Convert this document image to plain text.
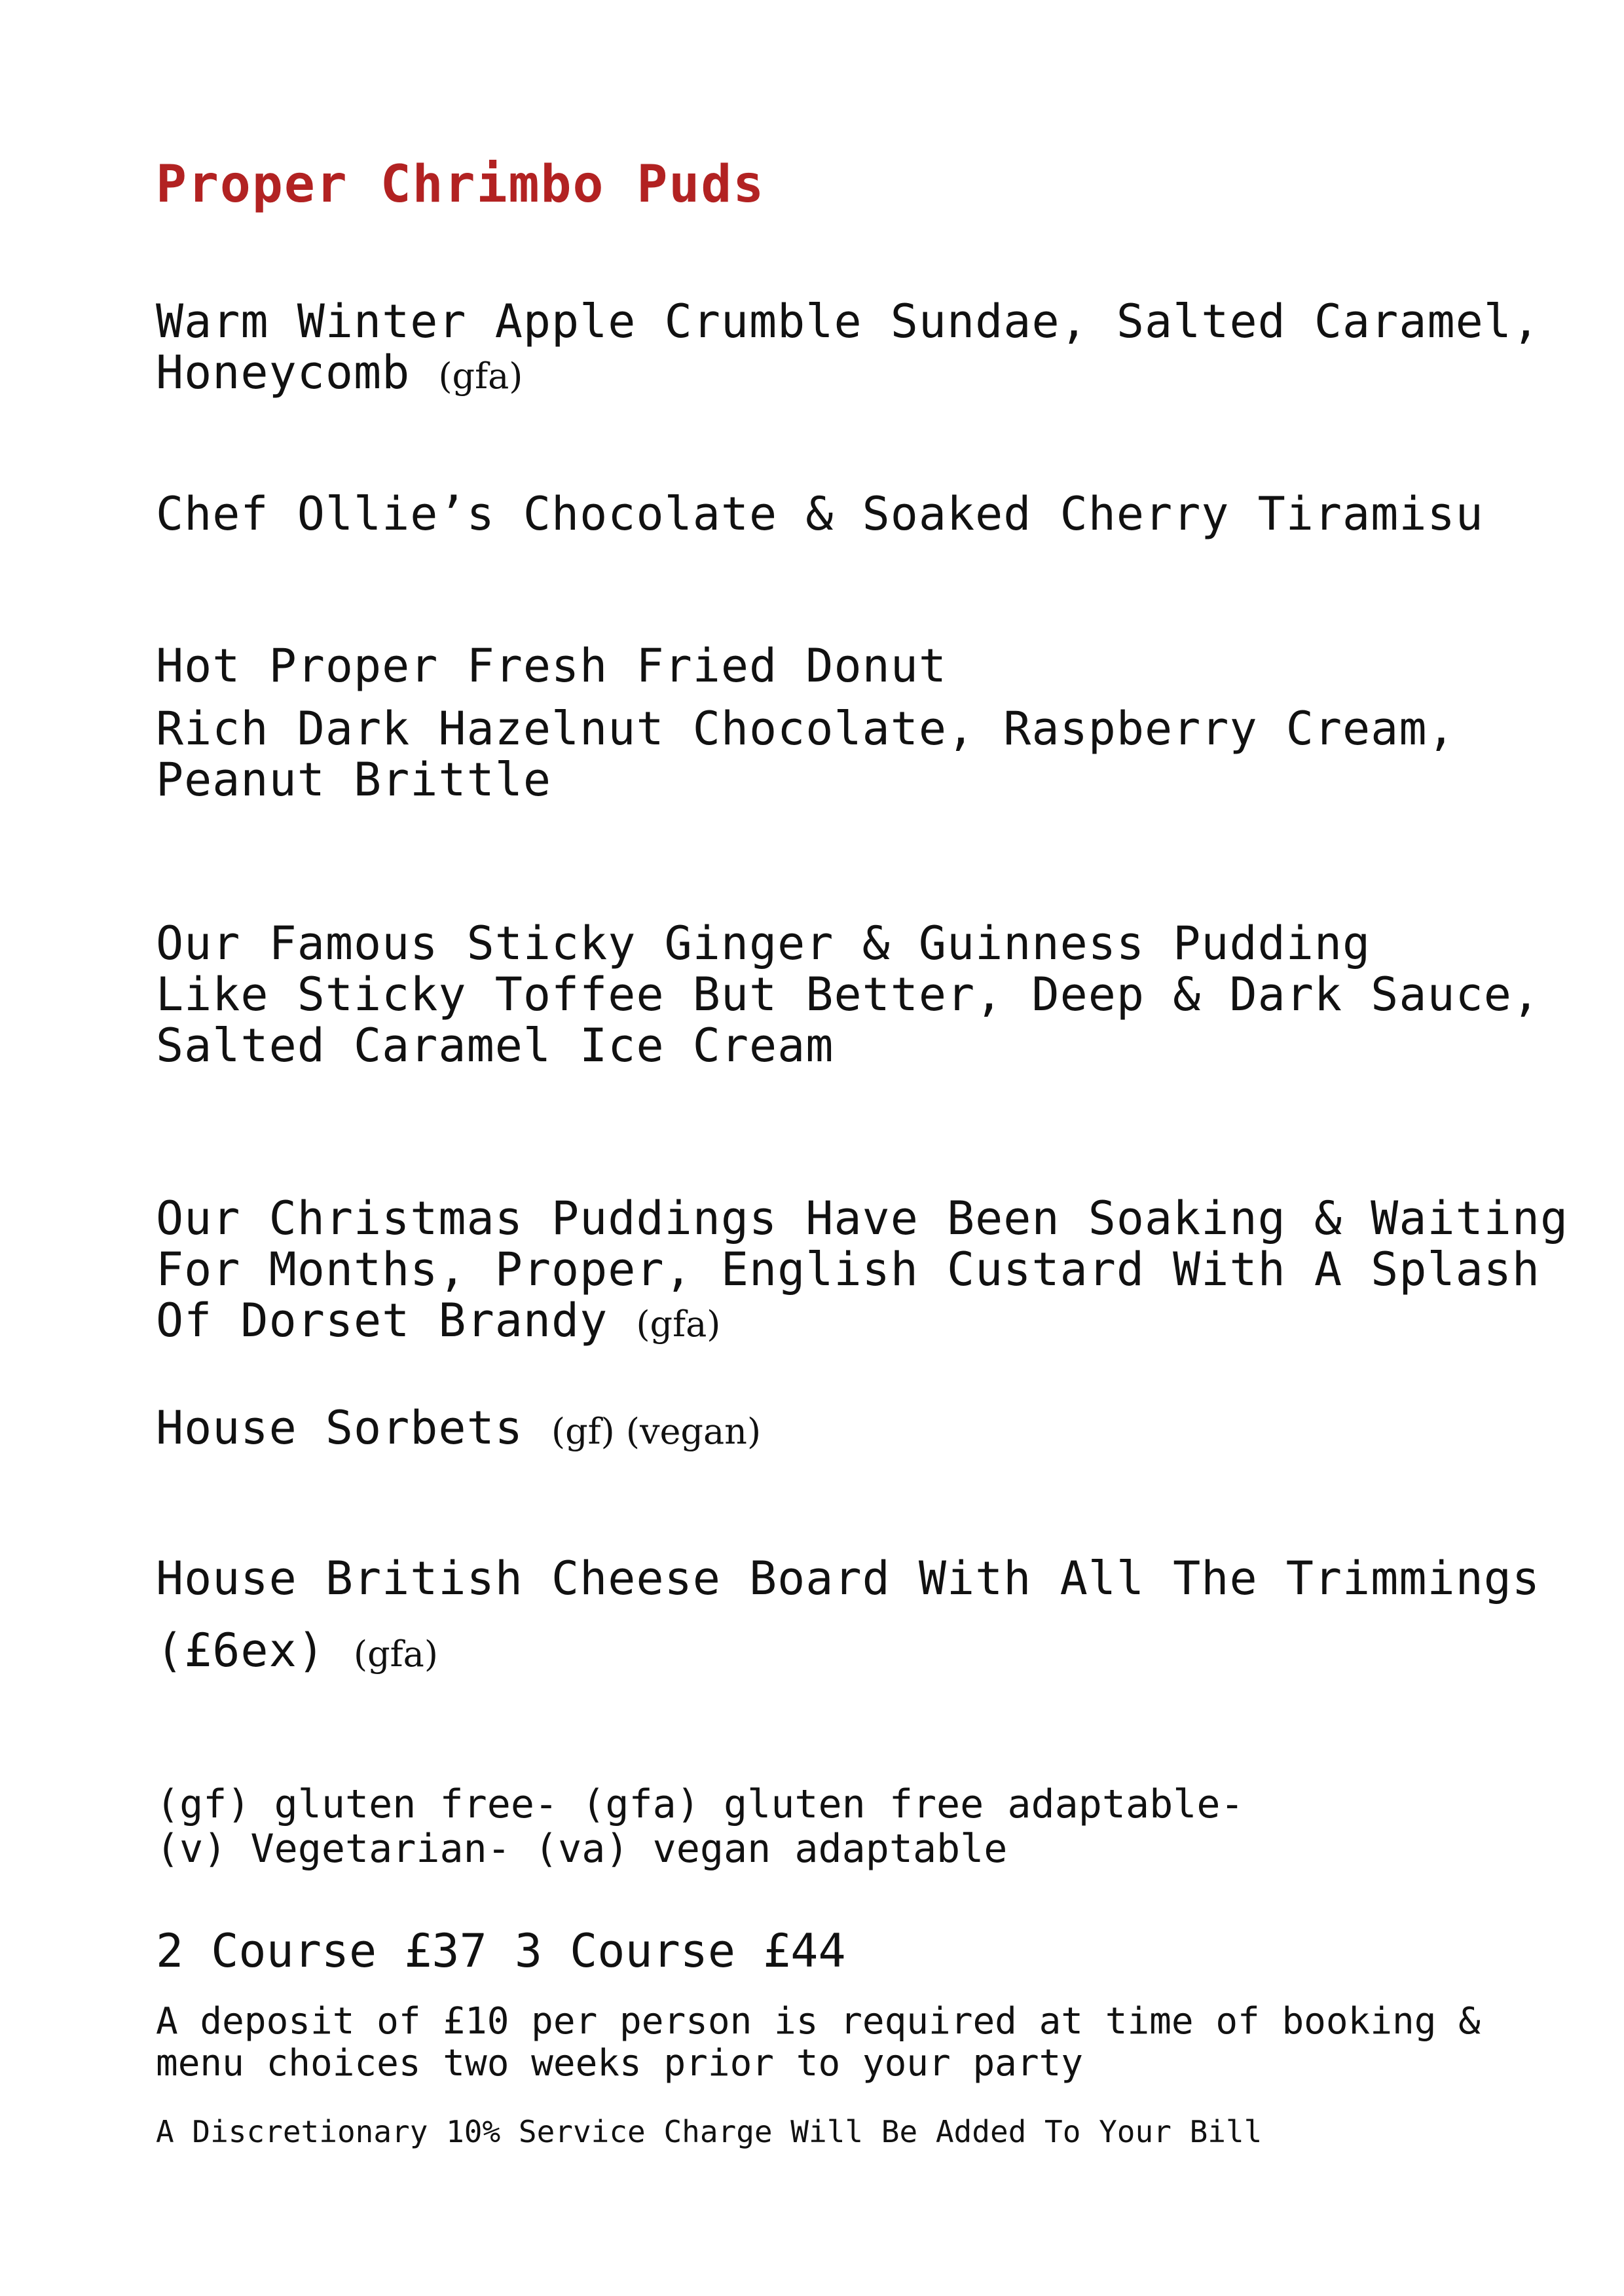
Proper Chrimbo Puds
Warm Winter Apple Crumble Sundae, Salted Caramel,
Honeycomb (gfa)
Chef Ollie’s Chocolate & Soaked Cherry Tiramisu
Hot Proper Fresh Fried Donut
Rich Dark Hazelnut Chocolate, Raspberry Cream,
Peanut Brittle
Our Famous Sticky Ginger & Guinness Pudding
Like Sticky Toffee But Better, Deep & Dark Sauce,
Salted Caramel Ice Cream
Our Christmas Puddings Have Been Soaking & Waiting
For Months, Proper, English Custard With A Splash
Of Dorset Brandy (gfa)
House Sorbets (gf) (vegan)
House British Cheese Board With All The Trimmings
(£6ex) (gfa)
(gf) gluten free- (gfa) gluten free adaptable-
(v) Vegetarian- (va) vegan adaptable
2 Course £37 3 Course £44
A deposit of £10 per person is required at time of booking &
menu choices two weeks prior to your party
A Discretionary 10% Service Charge Will Be Added To Your Bill
